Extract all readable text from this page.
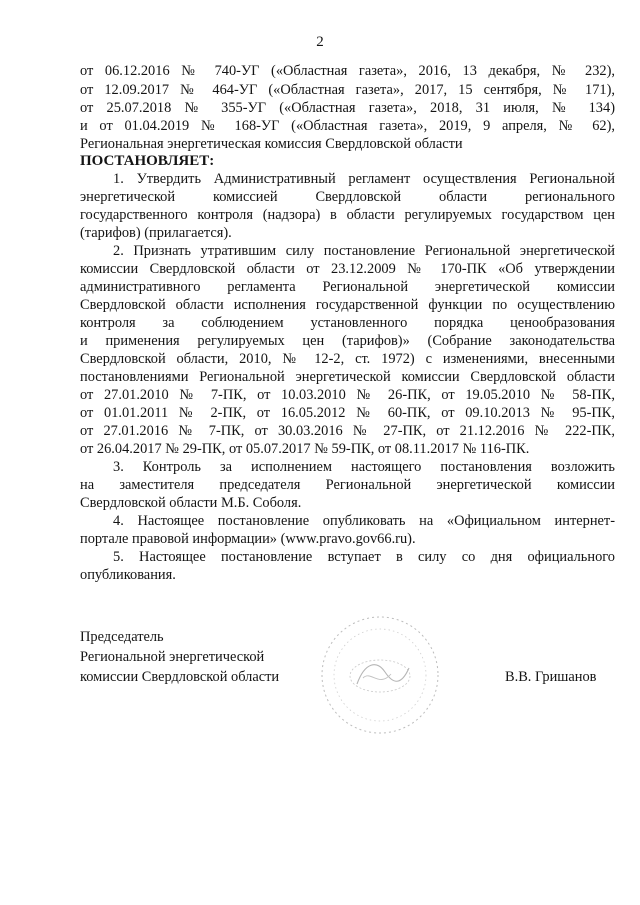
2
от 06.12.2016 № 740-УГ («Областная газета», 2016, 13 декабря, № 232),
от 12.09.2017 № 464-УГ («Областная газета», 2017, 15 сентября, № 171),
от 25.07.2018 № 355-УГ («Областная газета», 2018, 31 июля, № 134)
и от 01.04.2019 № 168-УГ («Областная газета», 2019, 9 апреля, № 62),
Региональная энергетическая комиссия Свердловской области
ПОСТАНОВЛЯЕТ:
1. Утвердить Административный регламент осуществления Региональной
энергетической комиссией Свердловской области регионального
государственного контроля (надзора) в области регулируемых государством цен
(тарифов) (прилагается).
2. Признать утратившим силу постановление Региональной энергетической
комиссии Свердловской области от 23.12.2009 № 170-ПК «Об утверждении
административного регламента Региональной энергетической комиссии
Свердловской области исполнения государственной функции по осуществлению
контроля за соблюдением установленного порядка ценообразования
и применения регулируемых цен (тарифов)» (Собрание законодательства
Свердловской области, 2010, № 12-2, ст. 1972) с изменениями, внесенными
постановлениями Региональной энергетической комиссии Свердловской области
от 27.01.2010 № 7-ПК, от 10.03.2010 № 26-ПК, от 19.05.2010 № 58-ПК,
от 01.01.2011 № 2-ПК, от 16.05.2012 № 60-ПК, от 09.10.2013 № 95-ПК,
от 27.01.2016 № 7-ПК, от 30.03.2016 № 27-ПК, от 21.12.2016 № 222-ПК,
от 26.04.2017 № 29-ПК, от 05.07.2017 № 59-ПК, от 08.11.2017 № 116-ПК.
3. Контроль за исполнением настоящего постановления возложить
на заместителя председателя Региональной энергетической комиссии
Свердловской области М.Б. Соболя.
4. Настоящее постановление опубликовать на «Официальном интернет-
портале правовой информации» (www.pravo.gov66.ru).
5. Настоящее постановление вступает в силу со дня официального
опубликования.
Председатель
Региональной энергетической
комиссии Свердловской области	В.В. Гришанов
